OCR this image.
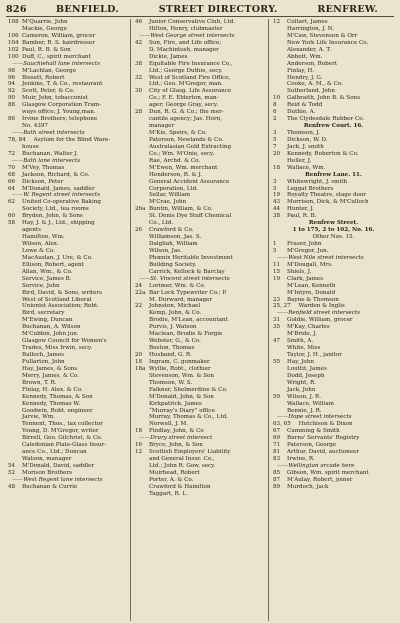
826	BENFIELD.	STREET DIRECTORY.	RENFREW.
108 M'Quarrie, John
Mackie, George
106 Cameron, William, grocer
104 Bamber, R. S. hairdresser
102 Paul, R. B. & Son
100 Duff, C., spirit merchant
——Sauchiehall lane intersects
98 M'Lachlan, George
96 Bissett, Robert
94 Jenkins, T. & Co., restaurant
92 Scott, Peter, & Co.
90 Muir, John, tobacconist
88 Glasgow Corporation Tram-
ways office; J. Young,man.
86 Irvine Brothers; telephone
No. 4397
——Bath street intersects
78, 84 Asylum for the Blind Ware-
house
72 Buchanan, Walter J.
——Bath lane intersects
70 M'Vey, Thomas
68 Jackson, Richard, & Co.
66 Dickson, Peter
64 M'Donald, James, saddler
——W. Regent street intersects
62 United Co-operative Baking
Society, Ltd., tea rooms
60 Bryden, John, & Sons
58 Hay, J. & J., Ltd., shipping
agents
Hamilton, Wm.
Wilson, Alex.
Lowe & Co.
MacAuslan, J. Ure, & Co.
Ellison, Robert, agent
Allan, Wm., & Co.
Service, James B.
Service, John
Bird, David, & Sons, writers
West of Scotland Liberal
Unionist Association; Robt.
Bird, secretary
M'Ewing, Duncan
Buchanan, A. Wilson
M'Cubbin, John jun.
Glasgow Council for Women's
Trades, Miss Irwin, secy.
Bulloch, James
Fullarton, John
Hay, James, & Sons
Merry, James, & Co.
Brown, T. R.
Finlay, H. Alex. & Co.
Kennedy, Thomas, & Son
Kennedy, Thomas W.
Goodwin, Robt. engineer
Jarvie, Wm.
Tennent, Thos., tax collector
Young, D. M'Gregor, writer
Birrell, Geo. Gilchrist, & Co.
Caledonian Plate-Glass Insur-
ance Co., Ltd.; Duncan
Watson, manager
54 M'Donald, David, saddler
52 Morison Brothers
——West Regent lane intersects
48 Buchanan & Currie
46 Junior Conservative Club, Ltd.
Hilton, Henry, clubmaster
——West George street intersects
42 Sun, Fire, and Life office;
D. Machintosh, manager
Dickie, James
38 Equitable Fire Insurance Co.,
Ltd.; George Duthie, secy.
32 West of Scotland Fire Office,
Ltd.; Geo. M'Gregor, man.
30 City of Glasg. Life Assurance
Co.; F. E. Elderton, man-
ager; George Gray, secy.
28 Dun, R. G. & Co.; the mer-
cantile agency; Jas. Horn,
manager
M'Kie, Speirs, & Co.
Paterson, Newlands & Co.
Australasian Gold Extracting
Co.; Wm. M'Onie, secy.
Rae, Archd. & Co.
M'Ewen, Wm. merchant
Henderson, R. & J.
General Accident Assurance
Corporation, Ltd.
Sellar, William
M'Crae, John
26a Buntin, William, & Co.
St. Denis Dye Stuff Chemical
Co., Ltd.
26 Crawford & Co.
Williamson, Jas. S.
Dalgliah, William
Wilson, Jas.
Phœnix Heritable Investment
Building Society.
Carrick, Kellock & Barclay
——St. Vincent street intersects
24 Lorimer, Wm. & Co.
22a Bar Lock Typewriter Co.; P.
M. Durward, manager
22 Johnston, Michael
Kemp, John, & Co.
Brodie, M'Lean, accountant
Purvis, J. Watson
Maclean, Brodie & Forgie
Webster, G., & Co.
Boston, Thomas
20 Husband, G. R.
18 Ingram, C. gunmaker
18a Wyllie, Robt., clothier
Stevenson, Wm. & Son
Thomson, W. S.
Falkner, Shelmerdine & Co.
M'Donald, John, & Son
Kirkpatrick, James
“Murray's Diary” office
Murray, Thomas & Co., Ltd.
Norwell, J. M.
18 Findlay, John, & Co
——Drury street intersect
16 Bryce, John, & Son
12 Scottish Employers' Liability
and General Insur. Co.,
Ltd.; John R. Gow, secy.
Muirhead, Robert
Porter, A. & Co.
Crawford & Hamilton
Taggart, R. L.
12 Coltart, James
Harrington, J. N.
M'Caw, Stevenson & Orr
New York Life Insurance Co.
Alexander, A. T.
Abbott, Wm.
Anderson, Robert
Finlay, H.
Hendry, J. G.
Cooke, A. M., & Co.
Sutherland, John
10 Galbraith, John B. & Sons
8 Reid & Todd
6 Duthie, A.
2 The Clydesdale Rubber Co.
Renfrew Court. 16.
3 Thomson, J.
5 Dickson, W. D.
7 Jack, J. smith
20 Kennedy, Roberton & Co.
Heller, J.
18 Wallace, Wm.
Renfrew Lane. 11.
3 Whitewright, J. smith
5 Leggat Brothers
19 Royalty Theatre, stage door
43 Morrison, Dick, & M'Culloch
44 Hunter, J.
38 Paul, R. B.
Renfrew Street.
1 to 175, 2 to 102, No. 16.
Other Nos. 15.
1 Fraser, John
5 M'Gregor, Jun.
——West Nile street intersects
11 M'Dougall, Mrs.
15 Shiels, J.
19 Clark, James
M'Lean, Kenneth
M'Intyre, Donald
23 Bayne & Thomson
25, 27 Warden & Inglis
——Renfield street intersects
31 Goldie, William, grocer
35 M'Kay, Charles
M'Bride, J.
47 Smith, A.
White, Miss
Taylor, J. H., janitor
55 Hay, John
Louttit, James
Dodd, Joseph
Wright, R.
Jack, John
59 Wilson, J. R.
Wallace, William
Bennie, J. R.
——Hope street intersects
63, 65 Hutchison & Dixon
67 Cumming & Smith
69 Burns' Servants' Registry
71 Paterson, George
81 Arthur, David, auctioneer
83 Irwine, R.
——Wellington arcade here
85 Gibson, Wm. spirit merchant
87 M'Aulay, Robert, joiner
89 Murdoch, Jack
